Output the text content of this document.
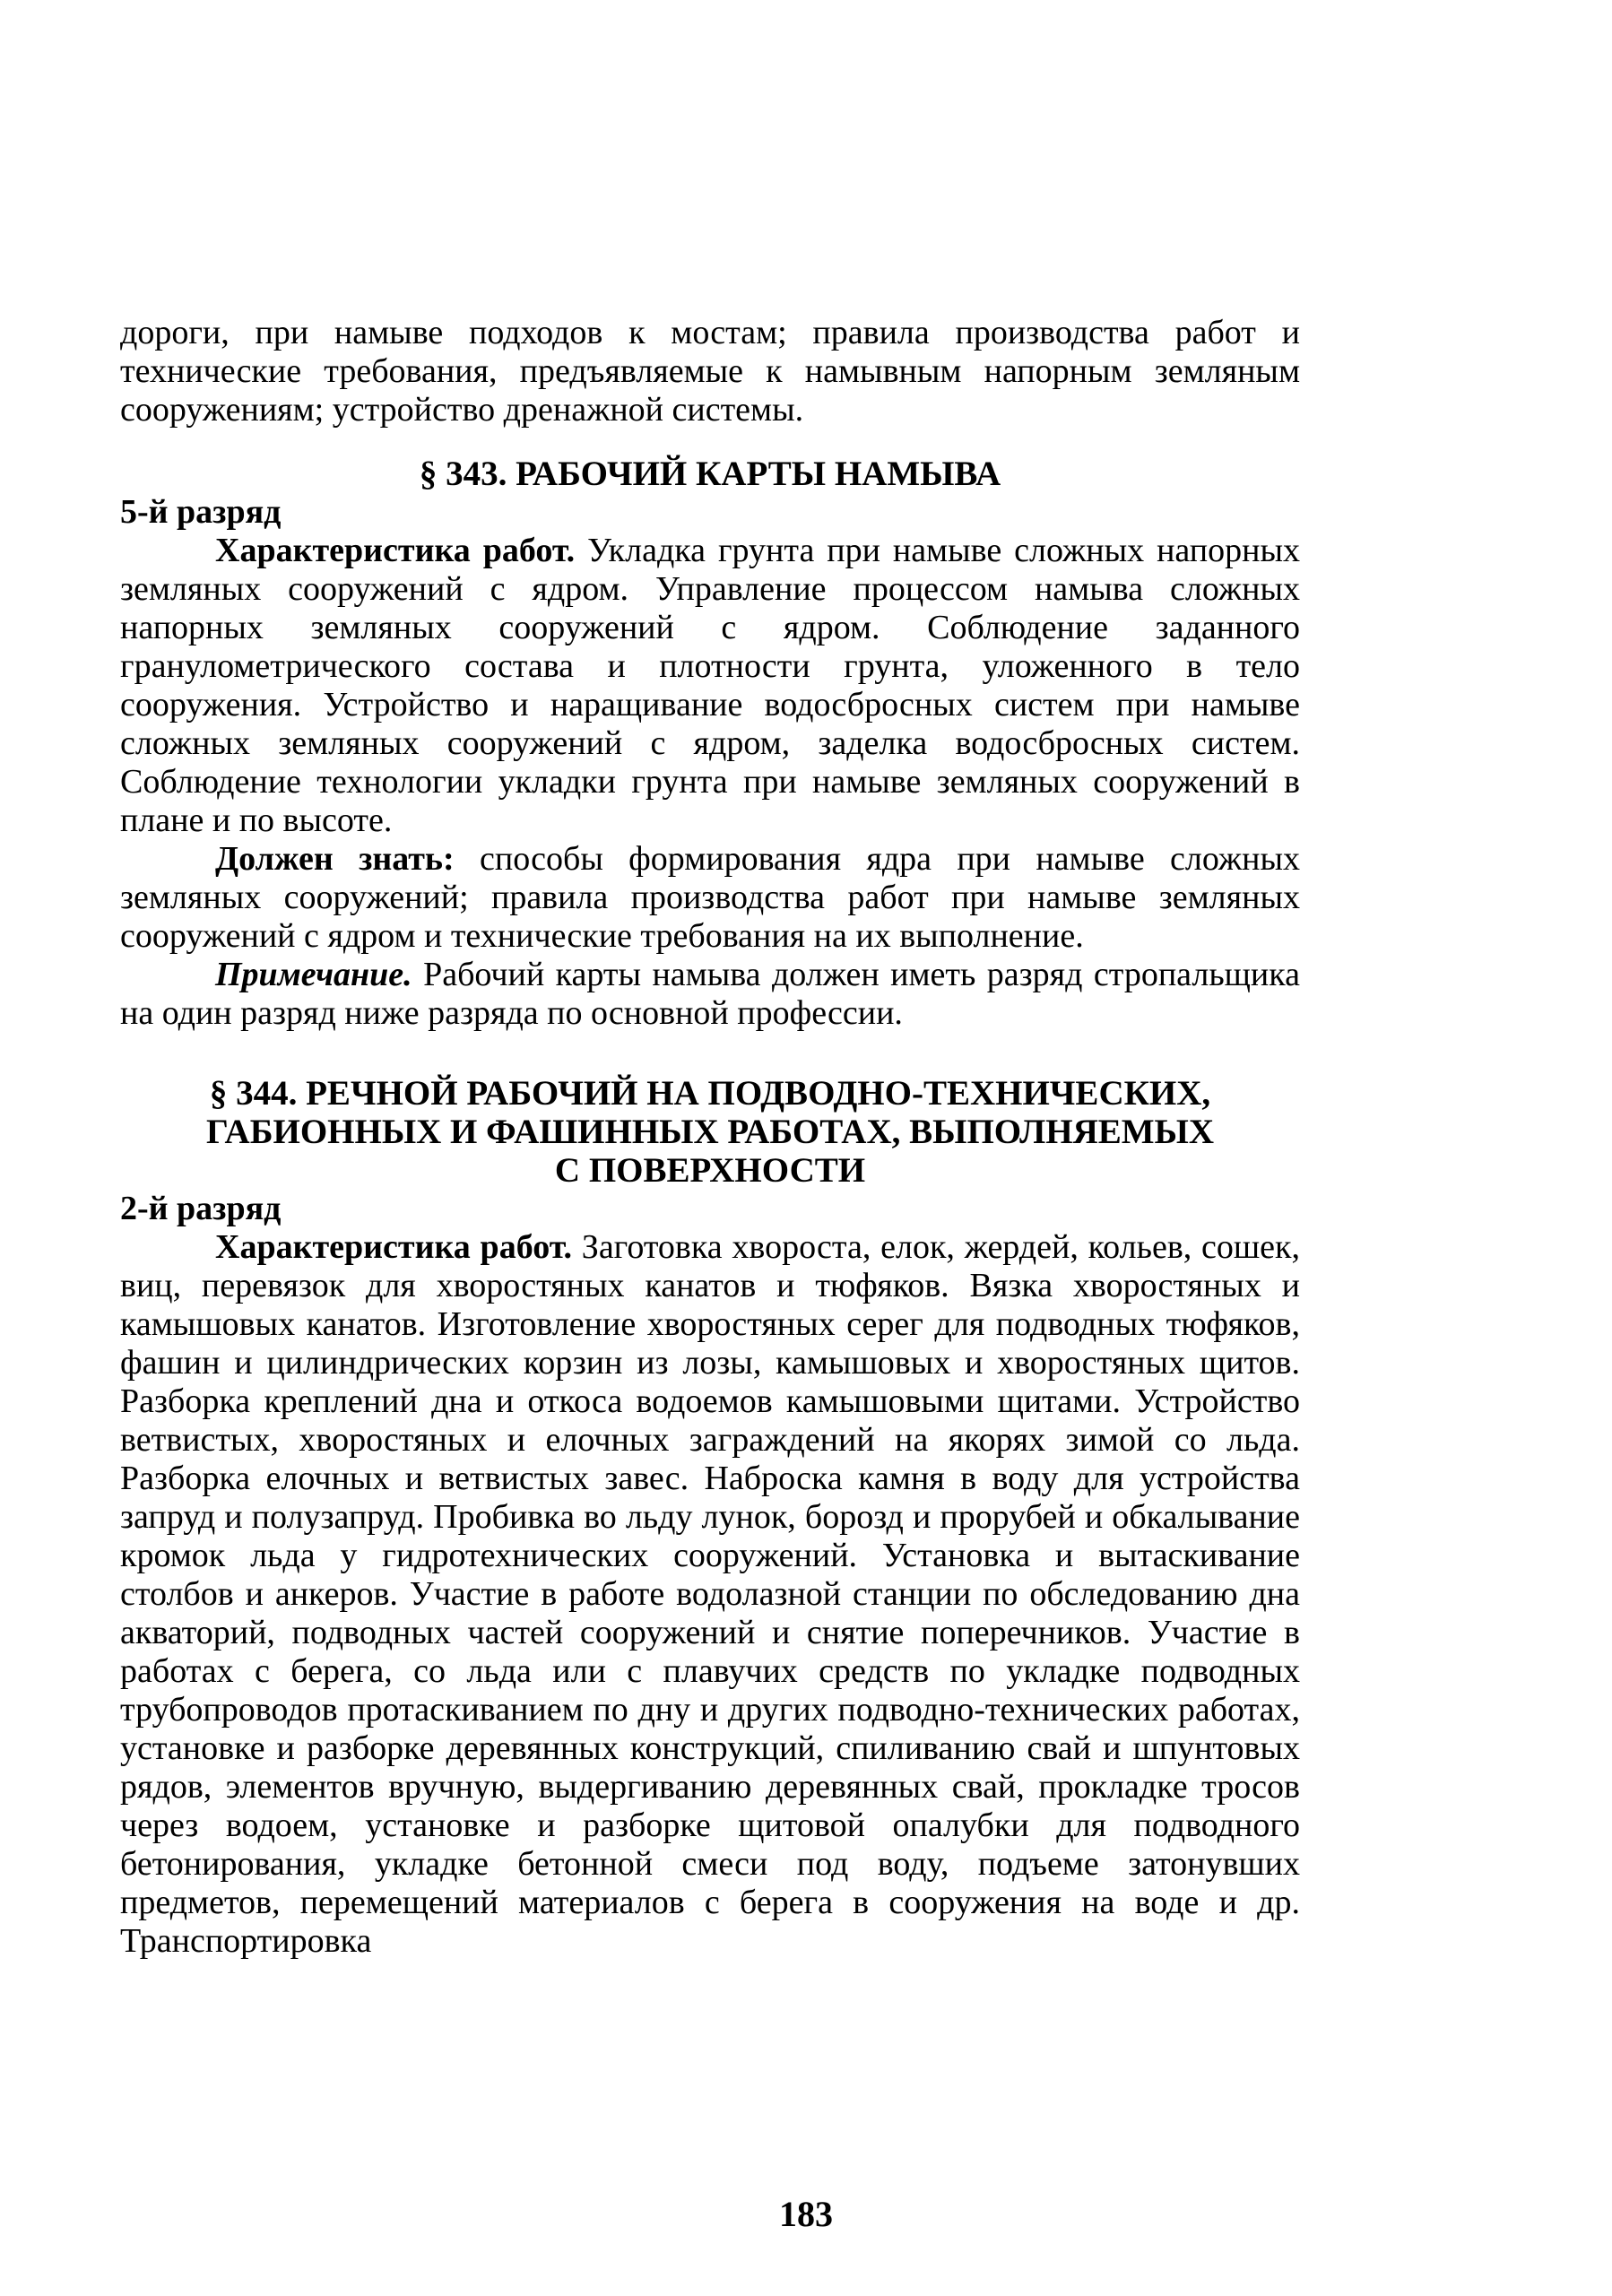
дороги, при намыве подходов к мостам; правила производства работ и технические требования, предъявляемые к намывным напорным земляным сооружениям; устройство дренажной системы.

§ 343. РАБОЧИЙ КАРТЫ НАМЫВА

5-й разряд

Характеристика работ. Укладка грунта при намыве сложных напорных земляных сооружений с ядром. Управление процессом намыва сложных напорных земляных сооружений с ядром. Соблюдение заданного гранулометрического состава и плотности грунта, уложенного в тело сооружения. Устройство и наращивание водосбросных систем при намыве сложных земляных сооружений с ядром, заделка водосбросных систем. Соблюдение технологии укладки грунта при намыве земляных сооружений в плане и по высоте.

Должен знать: способы формирования ядра при намыве сложных земляных сооружений; правила производства работ при намыве земляных сооружений с ядром и технические требования на их выполнение.

Примечание. Рабочий карты намыва должен иметь разряд стропальщика на один разряд ниже разряда по основной профессии.

§ 344. РЕЧНОЙ РАБОЧИЙ НА ПОДВОДНО-ТЕХНИЧЕСКИХ,
ГАБИОННЫХ И ФАШИННЫХ РАБОТАХ, ВЫПОЛНЯЕМЫХ
С ПОВЕРХНОСТИ

2-й разряд

Характеристика работ. Заготовка хвороста, елок, жердей, кольев, сошек, виц, перевязок для хворостяных канатов и тюфяков. Вязка хворостяных и камышовых канатов. Изготовление хворостяных серег для подводных тюфяков, фашин и цилиндрических корзин из лозы, камышовых и хворостяных щитов. Разборка креплений дна и откоса водоемов камышовыми щитами. Устройство ветвистых, хворостяных и елочных заграждений на якорях зимой со льда. Разборка елочных и ветвистых завес. Наброска камня в воду для устройства запруд и полузапруд. Пробивка во льду лунок, борозд и прорубей и обкалывание кромок льда у гидротехнических сооружений. Установка и вытаскивание столбов и анкеров. Участие в работе водолазной станции по обследованию дна акваторий, подводных частей сооружений и снятие поперечников. Участие в работах с берега, со льда или с плавучих средств по укладке подводных трубопроводов протаскиванием по дну и других подводно-технических работах, установке и разборке деревянных конструкций, спиливанию свай и шпунтовых рядов, элементов вручную, выдергиванию деревянных свай, прокладке тросов через водоем, установке и разборке щитовой опалубки для подводного бетонирования, укладке бетонной смеси под воду, подъеме затонувших предметов, перемещений материалов с берега в сооружения на воде и др. Транспортировка

183
